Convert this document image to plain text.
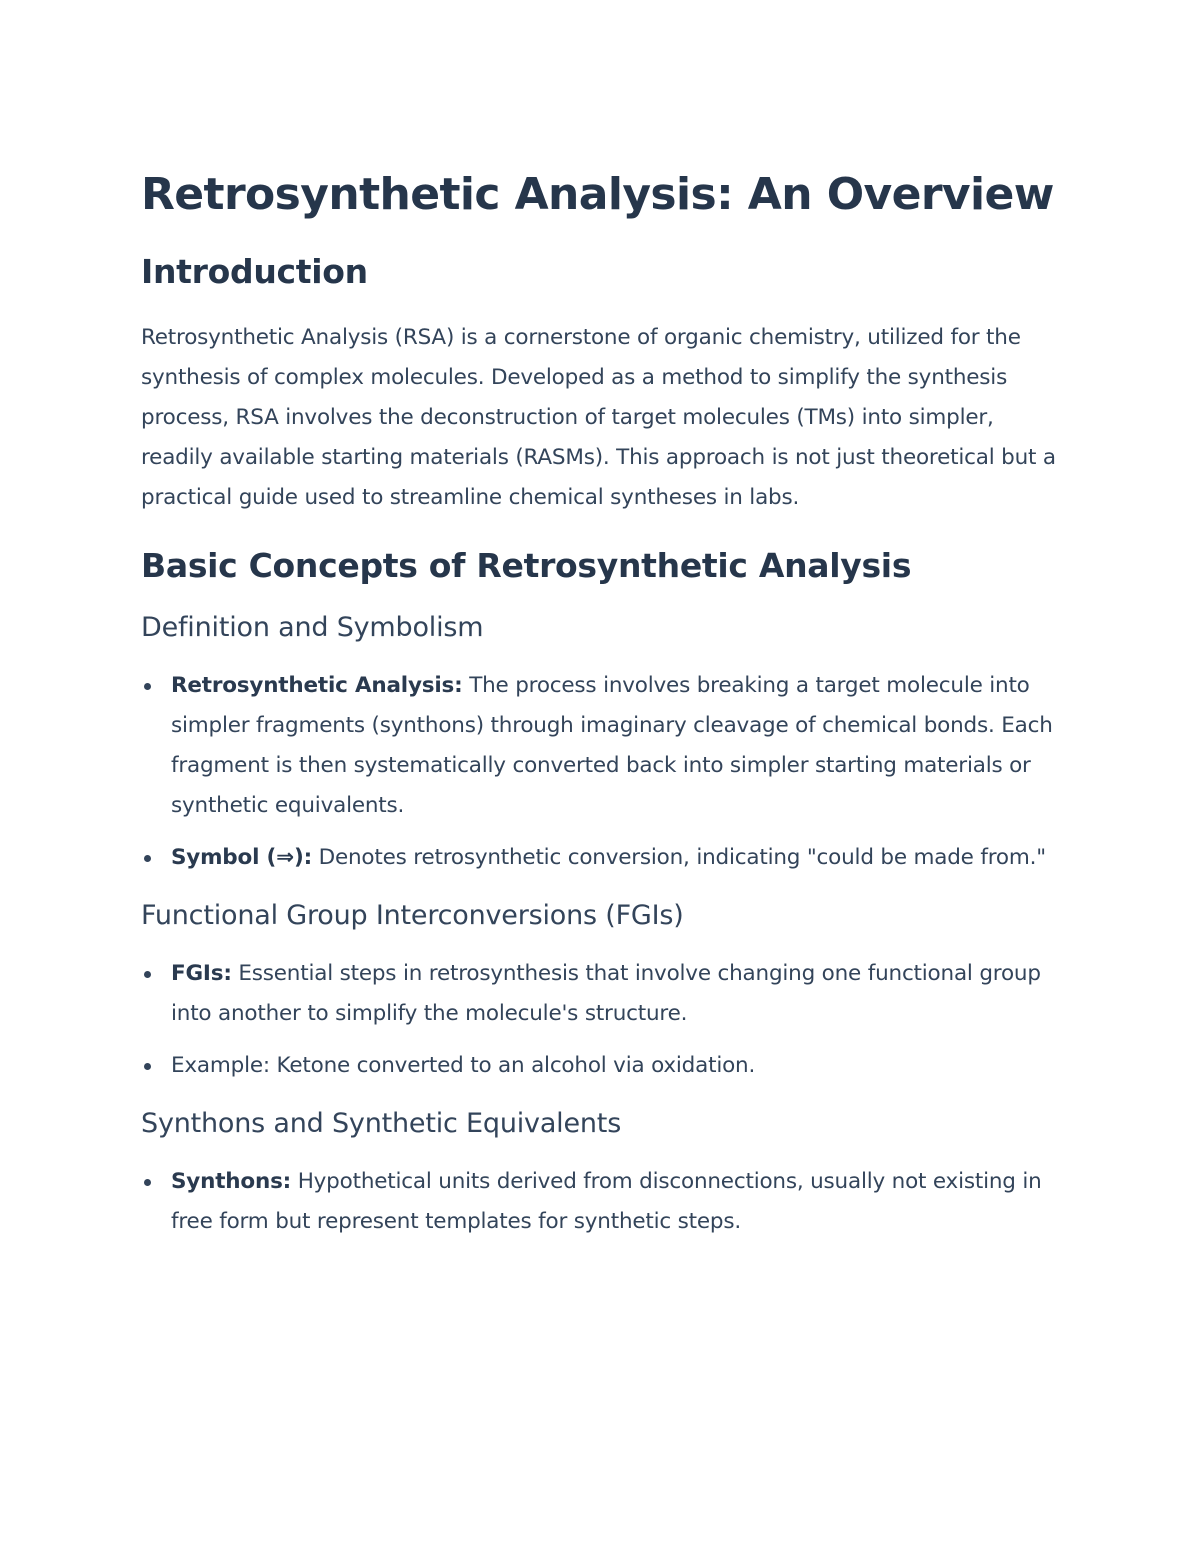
Retrosynthetic Analysis: An Overview
Introduction

Retrosynthetic Analysis (RSA) is a cornerstone of organic chemistry, utilized for the synthesis of complex molecules. Developed as a method to simplify the synthesis process, RSA involves the deconstruction of target molecules (TMs) into simpler, readily available starting materials (RASMs). This approach is not just theoretical but a practical guide used to streamline chemical syntheses in labs.

Basic Concepts of Retrosynthetic Analysis
Definition and Symbolism
Retrosynthetic Analysis: The process involves breaking a target molecule into simpler fragments (synthons) through imaginary cleavage of chemical bonds. Each fragment is then systematically converted back into simpler starting materials or synthetic equivalents.
Symbol (⇒): Denotes retrosynthetic conversion, indicating "could be made from."
Functional Group Interconversions (FGIs)
FGIs: Essential steps in retrosynthesis that involve changing one functional group into another to simplify the molecule's structure.
Example: Ketone converted to an alcohol via oxidation.
Synthons and Synthetic Equivalents
Synthons: Hypothetical units derived from disconnections, usually not existing in free form but represent templates for synthetic steps.
